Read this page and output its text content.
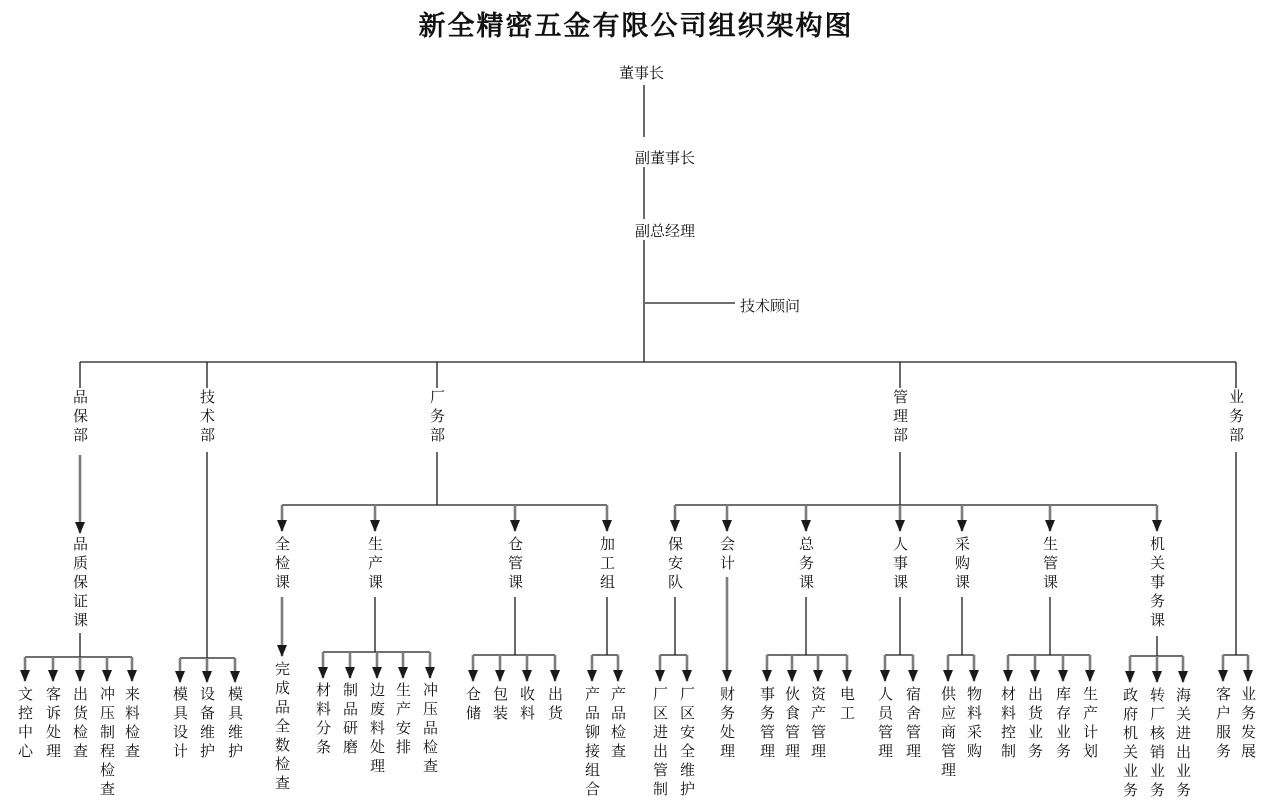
新全精密五金有限公司组织架构图
董事长
副董事长
副总经理
技术顾问
品保部	技术部	厂务部	管理部	业务部
品质保证课
文控中心 客诉处理 出货检查 冲压制程检查 来料检查 模具设计 设备维护 模具维护
全检课	生产课	仓管课	加工组
完成品全数检查 材料分条 制品研磨 边废料处理 生产安排 冲压品检查 仓储 包装 收料 出货 产品铆接组合 产品检查
保安队 会计	总务课	人事课	采购课	生管课	机关事务课
厂区进出管制 厂区安全维护 财务处理 事务管理 伙食管理 资产管理 电工 人员管理 宿舍管理 供应商管理 物料采购 材料控制 出货业务 库存业务 生产计划 政府机关业务 转厂核销业务 海关进出业务 客户服务 业务发展
